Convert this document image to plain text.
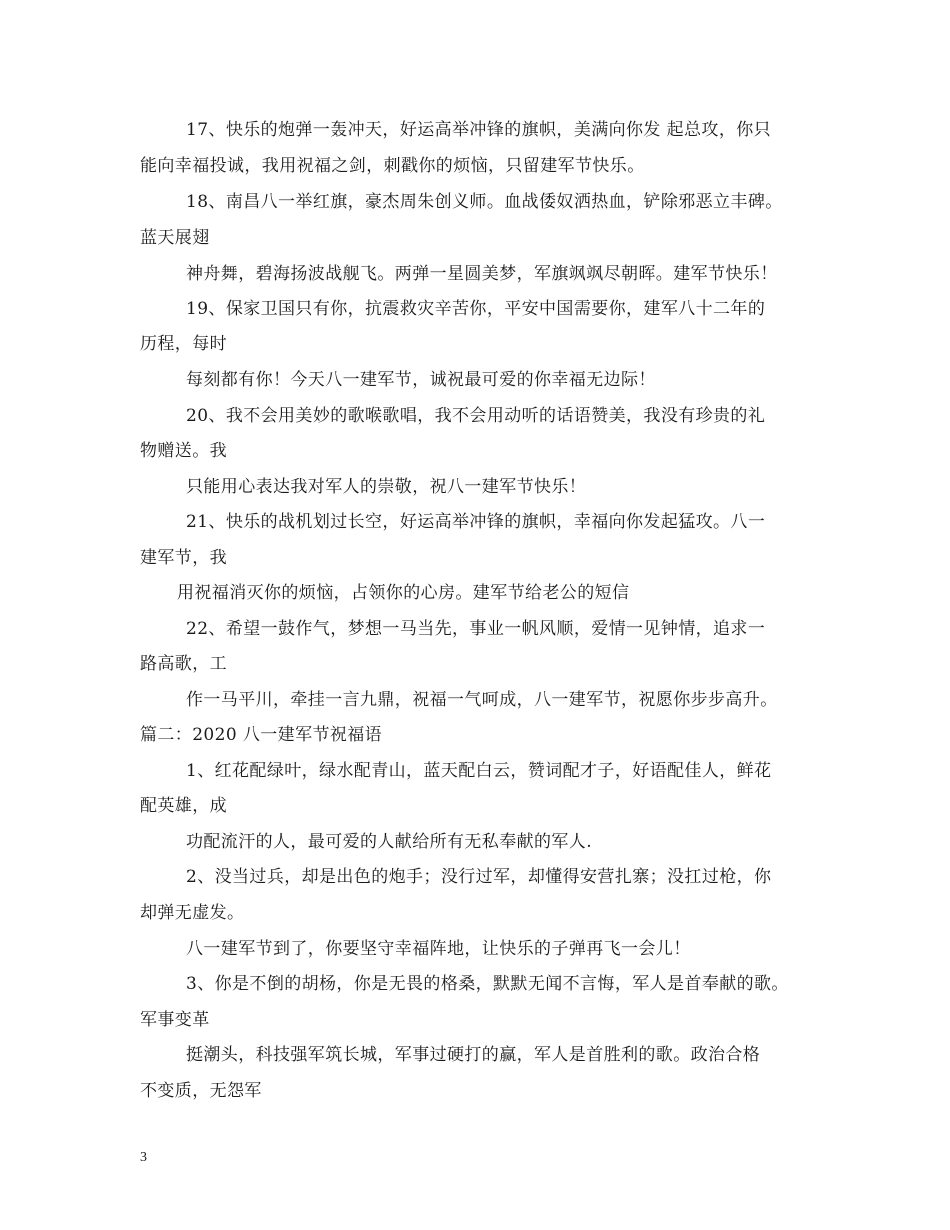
17、快乐的炮弹一轰冲天，好运高举冲锋的旗帜，美满向你发 起总攻，你只
能向幸福投诚，我用祝福之剑，刺戳你的烦恼，只留建军节快乐。
18、南昌八一举红旗，豪杰周朱创义师。血战倭奴洒热血，铲除邪恶立丰碑。
蓝天展翅
神舟舞，碧海扬波战舰飞。两弹一星圆美梦，军旗飒飒尽朝晖。建军节快乐！
19、保家卫国只有你，抗震救灾辛苦你，平安中国需要你，建军八十二年的
历程，每时
每刻都有你！今天八一建军节，诚祝最可爱的你幸福无边际！
20、我不会用美妙的歌喉歌唱，我不会用动听的话语赞美，我没有珍贵的礼
物赠送。我
只能用心表达我对军人的崇敬，祝八一建军节快乐！
21、快乐的战机划过长空，好运高举冲锋的旗帜，幸福向你发起猛攻。八一
建军节，我
用祝福消灭你的烦恼，占领你的心房。建军节给老公的短信
22、希望一鼓作气，梦想一马当先，事业一帆风顺，爱情一见钟情，追求一
路高歌，工
作一马平川，牵挂一言九鼎，祝福一气呵成，八一建军节，祝愿你步步高升。
篇二：2020 八一建军节祝福语
1、红花配绿叶，绿水配青山，蓝天配白云，赞词配才子，好语配佳人，鲜花
配英雄，成
功配流汗的人，最可爱的人献给所有无私奉献的军人.
2、没当过兵，却是出色的炮手；没行过军，却懂得安营扎寨；没扛过枪，你
却弹无虚发。
八一建军节到了，你要坚守幸福阵地，让快乐的子弹再飞一会儿！
3、你是不倒的胡杨，你是无畏的格桑，默默无闻不言悔，军人是首奉献的歌。
军事变革
挺潮头，科技强军筑长城，军事过硬打的赢，军人是首胜利的歌。政治合格
不变质，无怨军
3
